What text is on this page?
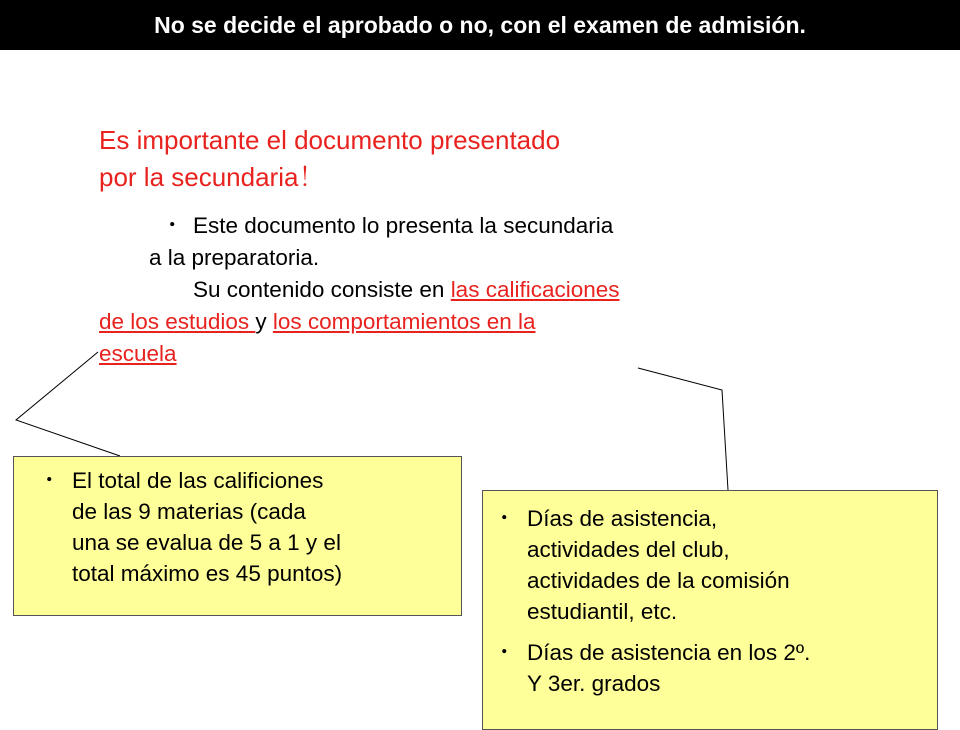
No se decide el aprobado o no, con el examen de admisión.
Es importante el documento presentado
por la secundaria！
・ Este documento lo presenta la secundaria
a la preparatoria.
Su contenido consiste en las calificaciones
de los estudios y los comportamientos en la
escuela
・ El total de las calificiones
de las 9 materias (cada
una se evalua de 5 a 1 y el
total máximo es 45 puntos)
・ Días de asistencia,
actividades del club,
actividades de la comisión
estudiantil, etc.
・ Días de asistencia en los 2º.
Y 3er. grados
